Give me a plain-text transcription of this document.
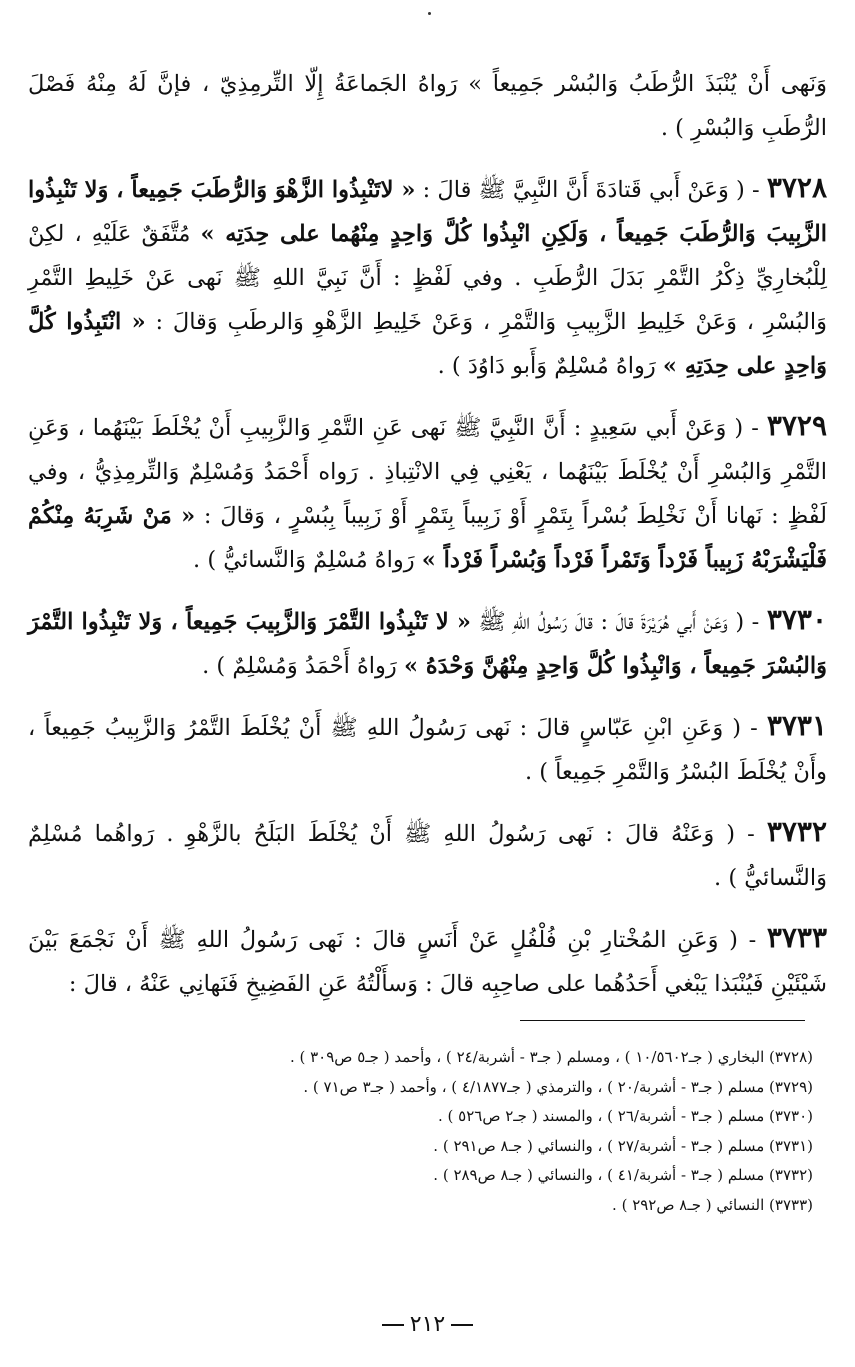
وَنَهى أَنْ يُنْبَذَ الرُّطَبُ وَالبُسْر جَمِيعاً » رَواهُ الجَماعَةُ إِلّا التِّرمِذِيّ ، فإنَّ لَهُ مِنْهُ فَصْلَ الرُّطَبِ وَالبُسْرِ ) .

٣٧٢٨ - ( وَعَنْ أَبي قَتادَةَ أَنَّ النَّبِيَّ ﷺ قالَ : « لاتَنْبِذُوا الزَّهْوَ وَالرُّطَبَ جَمِيعاً ، وَلا تَنْبِذُوا الزَّبِيبَ وَالرُّطَبَ جَمِيعاً ، وَلَكِنِ انْبِذُوا كُلَّ وَاحِدٍ مِنْهُما على حِدَتِه » مُتَّفَقٌ عَلَيْهِ ، لكِنْ لِلْبُخارِيِّ ذِكْرُ التَّمْرِ بَدَلَ الرُّطَبِ . وفي لَفْظٍ : أَنَّ نَبِيَّ اللهِ ﷺ نَهى عَنْ خَلِيطِ التَّمْرِ وَالبُسْرِ ، وَعَنْ خَلِيطِ الزَّبِيبِ وَالتَّمْرِ ، وَعَنْ خَلِيطِ الزَّهْوِ وَالرطَبِ وَقالَ : « انْتَبِذُوا كُلَّ وَاحِدٍ على حِدَتِهِ » رَواهُ مُسْلِمٌ وَأَبو دَاوُدَ ) .

٣٧٢٩ - ( وَعَنْ أَبي سَعِيدٍ : أَنَّ النَّبِيَّ ﷺ نَهى عَنِ التَّمْرِ وَالزَّبِيبِ أَنْ يُخْلَطَ بَيْنَهُما ، وَعَنِ التَّمْرِ وَالبُسْرِ أَنْ يُخْلَطَ بَيْنَهُما ، يَعْنِي فِي الانْتِباذِ . رَواه أَحْمَدُ وَمُسْلِمٌ وَالتِّرمِذِيُّ ، وفي لَفْظٍ : نَهانا أَنْ نَخْلِطَ بُسْراً بِتَمْرٍ أَوْ زَبِيباً بِتَمْرٍ أَوْ زَبِيباً بِبُسْرٍ ، وَقالَ : « مَنْ شَرِبَهُ مِنْكُمْ فَلْيَشْرَبْهُ زَبِيباً فَرْداً وَتَمْراً فَرْداً وَبُسْراً فَرْداً » رَواهُ مُسْلِمٌ وَالنَّسائيُّ ) .

٣٧٣٠ - ( وَعَنْ أَبي هُرَيْرَةَ قالَ : قالَ رَسُولُ اللهِ ﷺ « لا تَنْبِذُوا التَّمْرَ وَالزَّبِيبَ جَمِيعاً ، وَلا تَنْبِذُوا التَّمْرَ وَالبُسْرَ جَمِيعاً ، وَانْبِذُوا كُلَّ وَاحِدٍ مِنْهُنَّ وَحْدَهُ » رَواهُ أَحْمَدُ وَمُسْلِمٌ ) .

٣٧٣١ - ( وَعَنِ ابْنِ عَبّاسٍ قالَ : نَهى رَسُولُ اللهِ ﷺ أَنْ يُخْلَطَ التَّمْرُ وَالزَّبِيبُ جَمِيعاً ، وأَنْ يُخْلَطَ البُسْرُ وَالتَّمْرِ جَمِيعاً ) .

٣٧٣٢ - ( وَعَنْهُ قالَ : نَهى رَسُولُ اللهِ ﷺ أَنْ يُخْلَطَ البَلَحُ بالزَّهْوِ . رَواهُما مُسْلِمٌ وَالنَّسائيُّ ) .

٣٧٣٣ - ( وَعَنِ المُخْتارِ بْنِ فُلْفُلٍ عَنْ أَنَسٍ قالَ : نَهى رَسُولُ اللهِ ﷺ أَنْ نَجْمَعَ بَيْنَ شَيْئَيْنِ فَيُنْبَذا يَبْغي أَحَدُهُما على صاحِبِه قالَ : وَسأَلْتُهُ عَنِ الفَضِيخِ فَنَهانِي عَنْهُ ، قالَ :

(٣٧٢٨) البخاري ( جـ١٠/٥٦٠٢ ) ، ومسلم ( جـ٣ - أشربة/٢٤ ) ، وأحمد ( جـ٥ ص٣٠٩ ) .

(٣٧٢٩) مسلم ( جـ٣ - أشربة/٢٠ ) ، والترمذي ( جـ٤/١٨٧٧ ) ، وأحمد ( جـ٣ ص٧١ ) .

(٣٧٣٠) مسلم ( جـ٣ - أشربة/٢٦ ) ، والمسند ( جـ٢ ص٥٢٦ ) .

(٣٧٣١) مسلم ( جـ٣ - أشربة/٢٧ ) ، والنسائي ( جـ٨ ص٢٩١ ) .

(٣٧٣٢) مسلم ( جـ٣ - أشربة/٤١ ) ، والنسائي ( جـ٨ ص٢٨٩ ) .

(٣٧٣٣) النسائي ( جـ٨ ص٢٩٢ ) .

٢١٢
